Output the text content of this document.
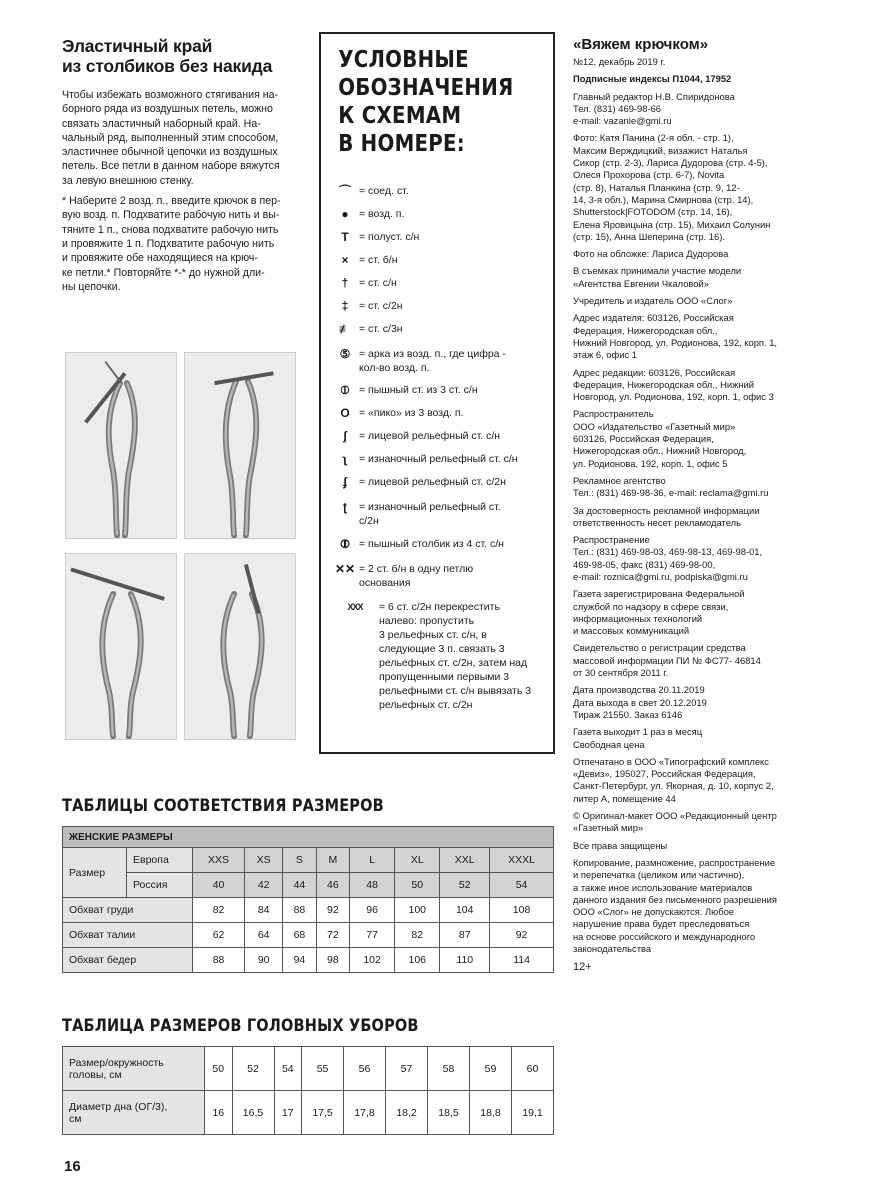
Эластичный край
из столбиков без накида

Чтобы избежать возможного стягивания на-
борного ряда из воздушных петель, можно
связать эластичный наборный край. На-
чальный ряд, выполненный этим способом,
эластичнее обычной цепочки из воздушных
петель. Все петли в данном наборе вяжутся
за левую внешнюю стенку.

* Наберите 2 возд. п., введите крючок в пер-
вую возд. п. Подхватите рабочую нить и вы-
тяните 1 п., снова подхватите рабочую нить
и провяжите 1 п. Подхватите рабочую нить
и провяжите обе находящиеся на крюч-
ке петли.* Повторяйте *-* до нужной дли-
ны цепочки.

УСЛОВНЫЕ
ОБОЗНАЧЕНИЯ
К СХЕМАМ
В НОМЕРЕ:
⌒ = соед. ст.
● = возд. п.
T = полуст. с/н
×	= ст. б/н
†	= ст. с/н
‡	= ст. с/2н
≢ = ст. с/3н
⑤ = арка из возд. п., где цифра -
кол-во возд. п.
⦶ = пышный ст. из 3 ст. с/н
O = «пико» из 3 возд. п.
ʃ	= лицевой рельефный ст. с/н
ʅ	= изнаночный рельефный ст. с/н
ʄ	= лицевой рельефный ст. с/2н
ʈ	= изнаночный рельефный ст.
с/2н
⦷ = пышный столбик из 4 ст. с/н
✕✕ = 2 ст. б/н в одну петлю
основания
XXX	= 6 ст. с/2н перекрестить
налево: пропустить
3 рельефных ст. с/н, в
следующие 3 п. связать 3
рельефных ст. с/2н, затем над
пропущенными первыми 3
рельефными ст. с/н вывязать 3
рельефных ст. с/2н
«Вяжем крючком»
№12, декабрь 2019 г.
Подписные индексы П1044, 17952
Главный редактор Н.В. Спиридонова
Тел. (831) 469-98-66
e-mail: vazanie@gmi.ru
Фото: Катя Панина (2-я обл. - стр. 1),
Максим Верждицкий, визажист Наталья
Сикор (стр. 2-3), Лариса Дудорова (стр. 4-5),
Олеся Прохорова (стр. 6-7), Novita
(стр. 8), Наталья Планкина (стр. 9, 12-
14, 3-я обл.), Марина Смирнова (стр. 14),
Shutterstock|FOTODOM (стр. 14, 16),
Елена Яровицына (стр. 15), Михаил Солунин
(стр. 15), Анна Шеперина (стр. 16).
Фото на обложке: Лариса Дудорова
В съемках принимали участие модели
«Агентства Евгении Чкаловой»
Учредитель и издатель ООО «Слог»
Адрес издателя: 603126, Российская
Федерация, Нижегородская обл.,
Нижний Новгород, ул. Родионова, 192, корп. 1,
этаж 6, офис 1
Адрес редакции: 603126, Российская
Федерация, Нижегородская обл., Нижний
Новгород, ул. Родионова, 192, корп. 1, офис 3
Распространитель
ООО «Издательство «Газетный мир»
603126, Российская Федерация,
Нижегородская обл., Нижний Новгород,
ул. Родионова, 192, корп. 1, офис 5
Рекламное агентство
Тел.: (831) 469-98-36, e-mail: reclama@gmi.ru
За достоверность рекламной информации
ответственность несет рекламодатель
Распространение
Тел.: (831) 469-98-03, 469-98-13, 469-98-01,
469-98-05, факс (831) 469-98-00,
e-mail: rozniса@gmi.ru, podpiska@gmi.ru
Газета зарегистрирована Федеральной
службой по надзору в сфере связи,
информационных технологий
и массовых коммуникаций
Свидетельство о регистрации средства
массовой информации ПИ № ФС77- 46814
от 30 сентября 2011 г.
Дата производства 20.11.2019
Дата выхода в свет 20.12.2019
Тираж 21550. Заказ 6146
Газета выходит 1 раз в месяц
Свободная цена
Отпечатано в ООО «Типографский комплекс
«Девиз», 195027, Российская Федерация,
Санкт-Петербург, ул. Якорная, д. 10, корпус 2,
литер А, помещение 44
© Оригинал-макет ООО «Редакционный центр
«Газетный мир»
Все права защищены
Копирование, размножение, распространение
и перепечатка (целиком или частично),
а также иное использование материалов
данного издания без письменного разрешения
ООО «Слог» не допускаются. Любое
нарушение права будет преследоваться
на основе российского и международного
законодательства
12+
ТАБЛИЦЫ СООТВЕТСТВИЯ РАЗМЕРОВ
ЖЕНСКИЕ РАЗМЕРЫ									
Размер	Европа	XXS	XS	S	M	L	XL	XXL	XXXL
	Россия	40	42	44	46	48	50	52	54
Обхват груди		82	84	88	92	96	100	104	108
Обхват талии		62	64	68	72	77	82	87	92
Обхват бедер		88	90	94	98	102	106	110	114
ТАБЛИЦА РАЗМЕРОВ ГОЛОВНЫХ УБОРОВ
Размер/окружность
головы, см	50	52	54	55	56	57	58	59	60
Диаметр дна (ОГ/3),
см	16	16,5	17	17,5	17,8	18,2	18,5	18,8	19,1
16
